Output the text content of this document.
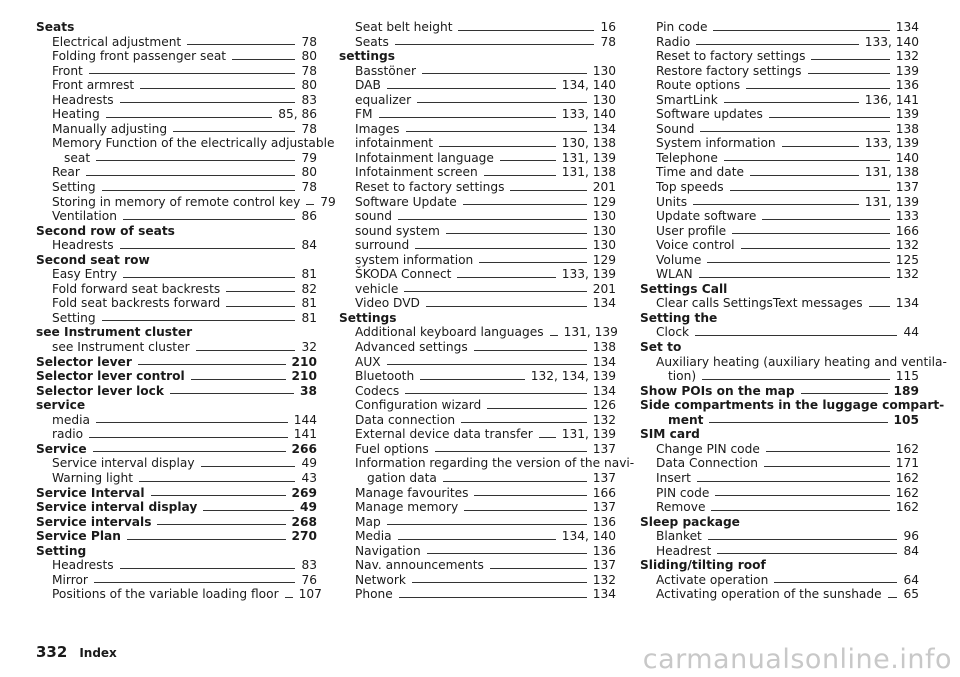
Seats
Electrical adjustment	78
Folding front passenger seat	80
Front	78
Front armrest	80
Headrests	83
Heating	85, 86
Manually adjusting	78
Memory Function of the electrically adjustable
seat	79
Rear	80
Setting	78
Storing in memory of remote control key 79
Ventilation	86
Second row of seats
Headrests	84
Second seat row
Easy Entry	81
Fold forward seat backrests	82
Fold seat backrests forward	81
Setting	81
see Instrument cluster
see Instrument cluster	32
Selector lever	210
Selector lever control	210
Selector lever lock	38
service
media	144
radio	141
Service	266
Service interval display	49
Warning light	43
Service Interval	269
Service interval display	49
Service intervals	268
Service Plan	270
Setting
Headrests	83
Mirror	76
Positions of the variable loading floor 107
Seat belt height	16
Seats	78
settings
Basstöner	130
DAB	134, 140
equalizer	130
FM	133, 140
Images	134
infotainment	130, 138
Infotainment language	131, 139
Infotainment screen	131, 138
Reset to factory settings	201
Software Update	129
sound	130
sound system	130
surround	130
system information	129
ŠKODA Connect	133, 139
vehicle	201
Video DVD	134
Settings
Additional keyboard languages 131, 139
Advanced settings	138
AUX	134
Bluetooth	132, 134, 139
Codecs	134
Configuration wizard	126
Data connection	132
External device data transfer 131, 139
Fuel options	137
Information regarding the version of the navi-
gation data	137
Manage favourites	166
Manage memory	137
Map	136
Media	134, 140
Navigation	136
Nav. announcements	137
Network	132
Phone	134
Pin code	134
Radio	133, 140
Reset to factory settings	132
Restore factory settings	139
Route options	136
SmartLink	136, 141
Software updates	139
Sound	138
System information	133, 139
Telephone	140
Time and date	131, 138
Top speeds	137
Units	131, 139
Update software	133
User profile	166
Voice control	132
Volume	125
WLAN	132
Settings Call
Clear calls SettingsText messages	134
Setting the
Clock	44
Set to
Auxiliary heating (auxiliary heating and ventila-
tion)	115
Show POIs on the map	189
Side compartments in the luggage compart-
ment	105
SIM card
Change PIN code	162
Data Connection	171
Insert	162
PIN code	162
Remove	162
Sleep package
Blanket	96
Headrest	84
Sliding/tilting roof
Activate operation	64
Activating operation of the sunshade 65
332 Index	carmanualsonline.info
